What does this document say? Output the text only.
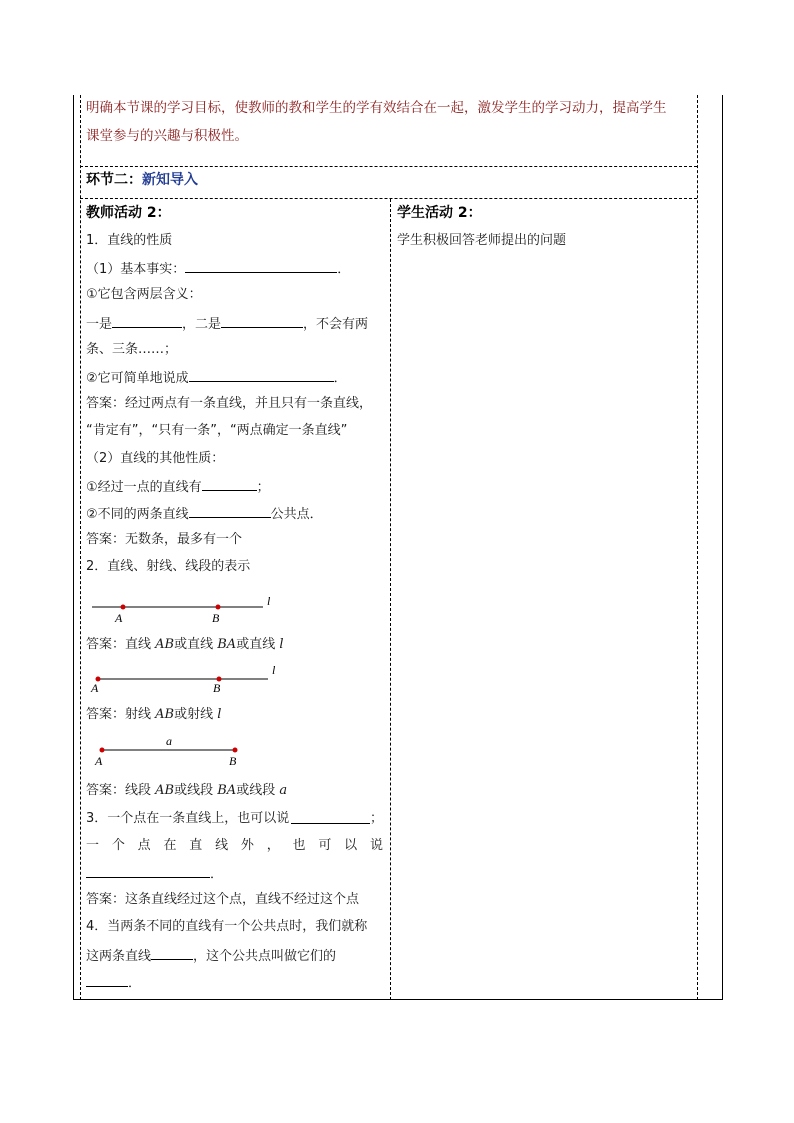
明确本节课的学习目标，使教师的教和学生的学有效结合在一起，激发学生的学习动力，提高学生
课堂参与的兴趣与积极性。
环节二：新知导入
教师活动 2：	学生活动 2：
学生积极回答老师提出的问题
1．直线的性质
（1）基本事实：	．
①它包含两层含义：
一是	，二是	，不会有两
条、三条……；
②它可简单地说成	．
答案：经过两点有一条直线，并且只有一条直线，
“肯定有”，“只有一条”，“两点确定一条直线”
（2）直线的其他性质：
①经过一点的直线有	；
②不同的两条直线	公共点．
答案：无数条，最多有一个
2．直线、射线、线段的表示
l
A	B
答案：直线 AB或直线 BA或直线 l
l
A	B
答案：射线 AB或射线 l
a
A	B
答案：线段 AB或线段 BA或线段 a
3．一个点在一条直线上，也可以说	；
一 个 点 在 直 线 外 ， 也 可 以 说
．
答案：这条直线经过这个点，直线不经过这个点
4．当两条不同的直线有一个公共点时，我们就称
这两条直线	，这个公共点叫做它们的
．
